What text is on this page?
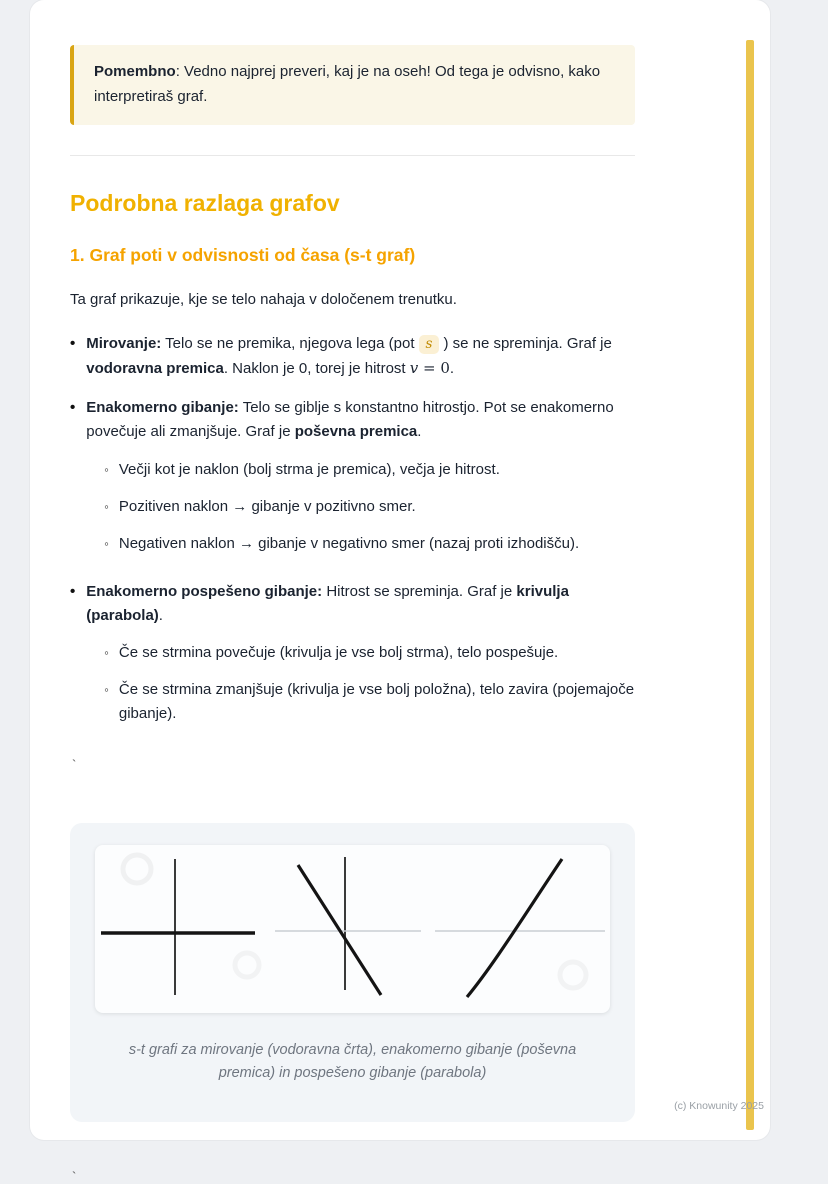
Pomembno: Vedno najprej preveri, kaj je na oseh! Od tega je odvisno, kako interpretiraš graf.
Podrobna razlaga grafov
1. Graf poti v odvisnosti od časa (s-t graf)

Ta graf prikazuje, kje se telo nahaja v določenem trenutku.

• Mirovanje: Telo se ne premika, njegova lega (pot s ) se ne spreminja. Graf je vodoravna premica. Naklon je 0, torej je hitrost v = 0.
• Enakomerno gibanje: Telo se giblje s konstantno hitrostjo. Pot se enakomerno povečuje ali zmanjšuje. Graf je poševna premica.
◦ Večji kot je naklon (bolj strma je premica), večja je hitrost.
◦ Pozitiven naklon → gibanje v pozitivno smer.
◦ Negativen naklon → gibanje v negativno smer (nazaj proti izhodišču).
• Enakomerno pospešeno gibanje: Hitrost se spreminja. Graf je krivulja (parabola).
◦ Če se strmina povečuje (krivulja je vse bolj strma), telo pospešuje.
◦ Če se strmina zmanjšuje (krivulja je vse bolj položna), telo zavira (pojemajoče gibanje).
`
s-t grafi za mirovanje (vodoravna črta), enakomerno gibanje (poševna premica) in pospešeno gibanje (parabola)
`
(c) Knowunity 2025
